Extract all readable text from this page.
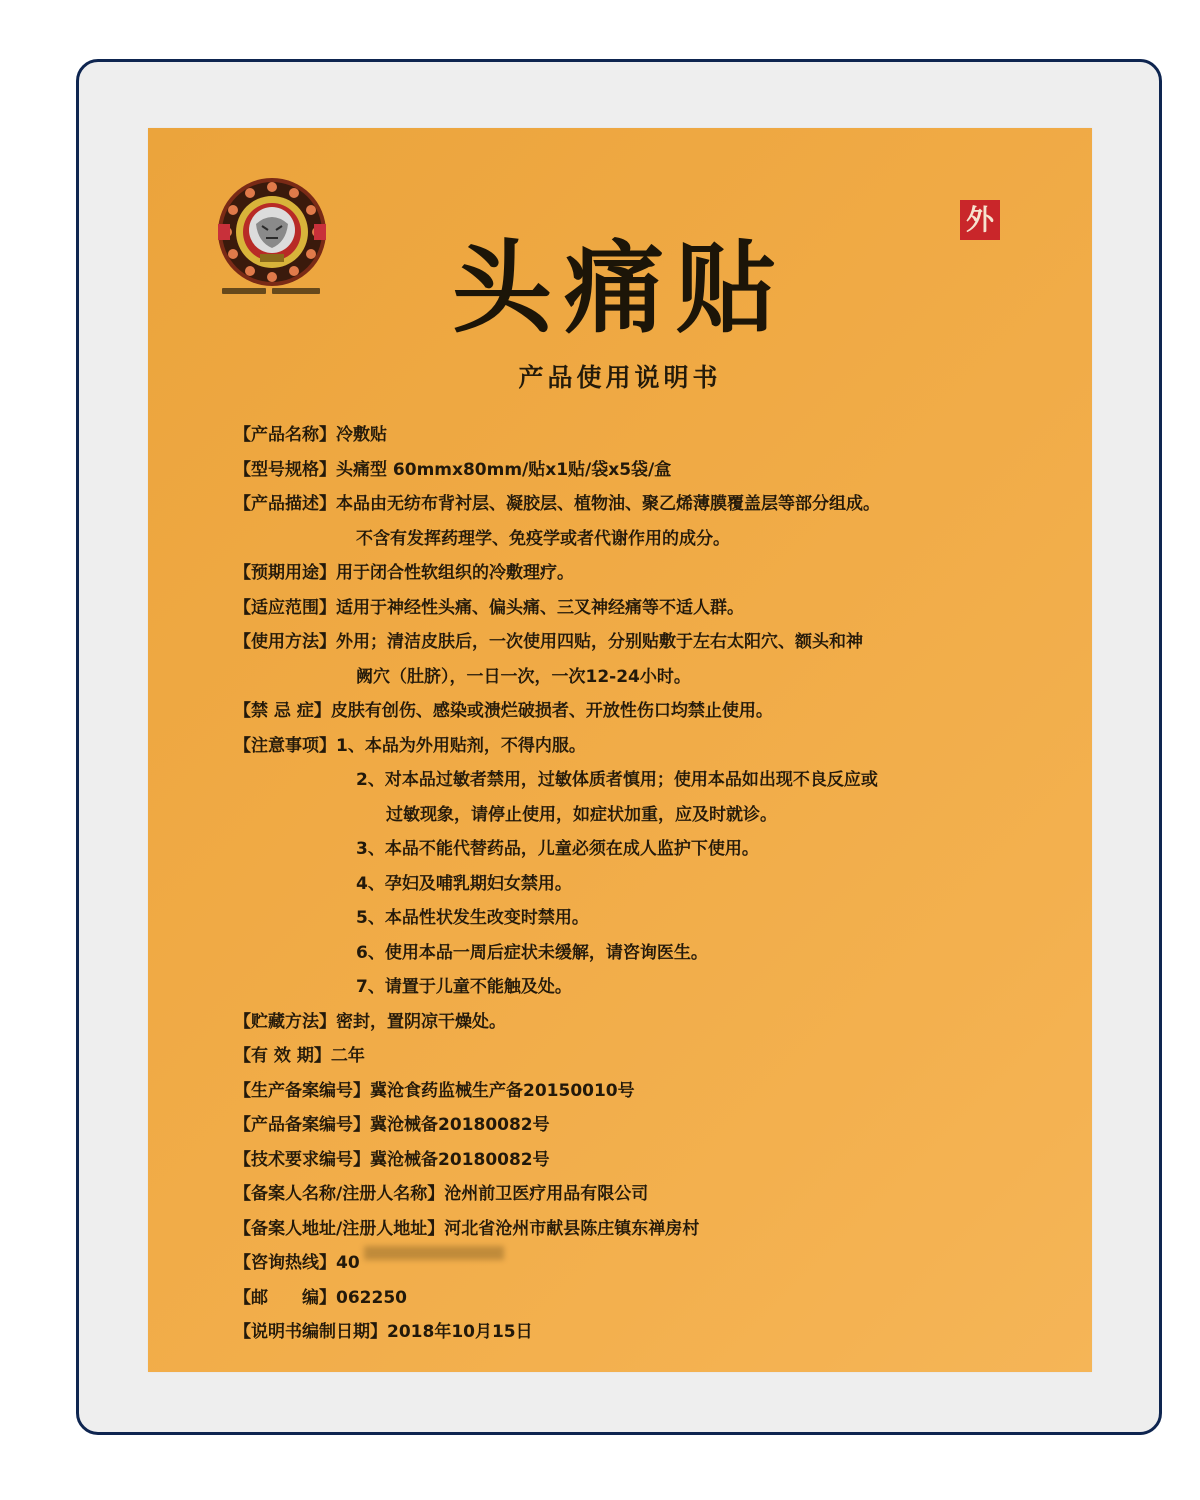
外
头痛贴
产品使用说明书
【产品名称】 冷敷贴
【型号规格】 头痛型 60mmx80mm/贴x1贴/袋x5袋/盒
【产品描述】 本品由无纺布背衬层、凝胶层、植物油、聚乙烯薄膜覆盖层等部分组成。
不含有发挥药理学、免疫学或者代谢作用的成分。
【预期用途】 用于闭合性软组织的冷敷理疗。
【适应范围】 适用于神经性头痛、偏头痛、三叉神经痛等不适人群。
【使用方法】 外用；清洁皮肤后，一次使用四贴，分别贴敷于左右太阳穴、额头和神
阙穴（肚脐），一日一次，一次12-24小时。
【禁 忌 症】 皮肤有创伤、感染或溃烂破损者、开放性伤口均禁止使用。
【注意事项】 1、本品为外用贴剂，不得内服。
2、对本品过敏者禁用，过敏体质者慎用；使用本品如出现不良反应或
过敏现象，请停止使用，如症状加重，应及时就诊。
3、本品不能代替药品，儿童必须在成人监护下使用。
4、孕妇及哺乳期妇女禁用。
5、本品性状发生改变时禁用。
6、使用本品一周后症状未缓解，请咨询医生。
7、请置于儿童不能触及处。
【贮藏方法】 密封，置阴凉干燥处。
【有 效 期】 二年
【生产备案编号】 冀沧食药监械生产备20150010号
【产品备案编号】 冀沧械备20180082号
【技术要求编号】 冀沧械备20180082号
【备案人名称/注册人名称】 沧州前卫医疗用品有限公司
【备案人地址/注册人地址】 河北省沧州市献县陈庄镇东禅房村
【咨询热线】 40
【邮　　编】 062250
【说明书编制日期】 2018年10月15日
